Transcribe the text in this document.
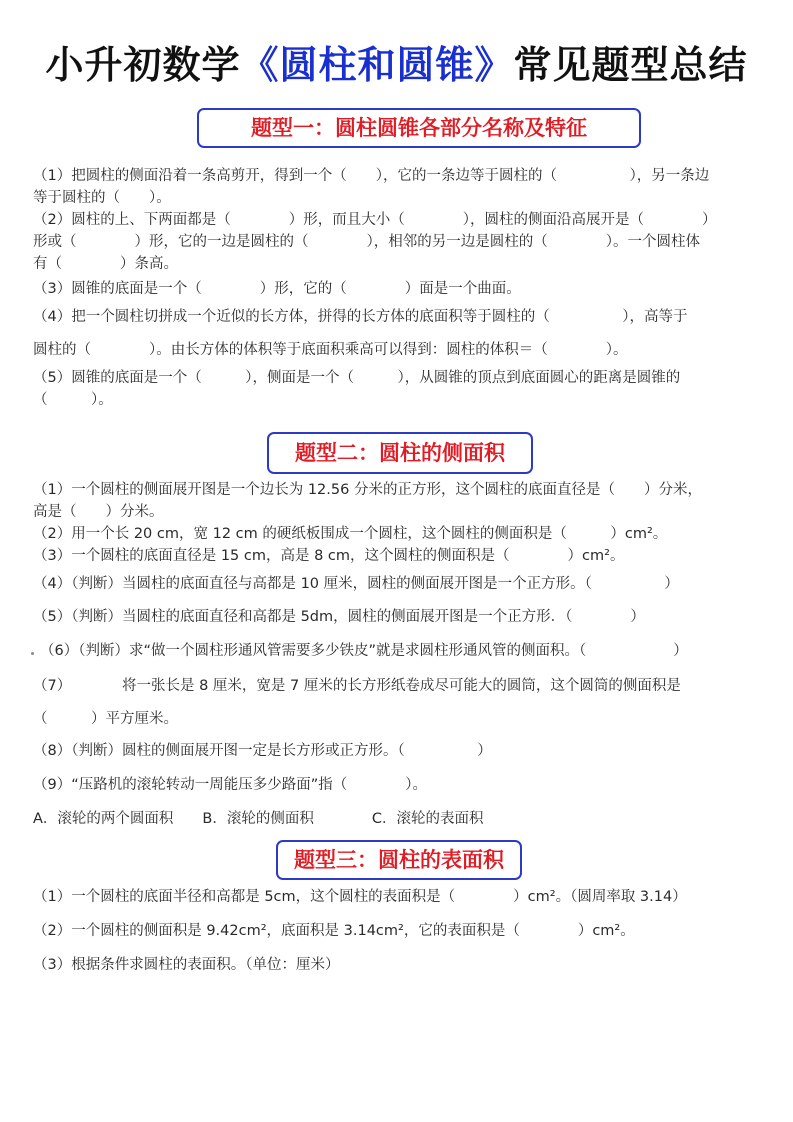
小升初数学《圆柱和圆锥》常见题型总结
题型一：圆柱圆锥各部分名称及特征
（1）把圆柱的侧面沿着一条高剪开，得到一个（　　），它的一条边等于圆柱的（　　　　　），另一条边
等于圆柱的（　　）。
（2）圆柱的上、下两面都是（　　　　）形，而且大小（　　　　），圆柱的侧面沿高展开是（　　　　）
形或（　　　　）形，它的一边是圆柱的（　　　　），相邻的另一边是圆柱的（　　　　）。一个圆柱体
有（　　　　）条高。
（3）圆锥的底面是一个（　　　　）形，它的（　　　　）面是一个曲面。
（4）把一个圆柱切拼成一个近似的长方体，拼得的长方体的底面积等于圆柱的（　　　　　），高等于
圆柱的（　　　　）。由长方体的体积等于底面积乘高可以得到：圆柱的体积＝（　　　　）。
（5）圆锥的底面是一个（　　　），侧面是一个（　　　），从圆锥的顶点到底面圆心的距离是圆锥的
（　　　）。
题型二：圆柱的侧面积
（1）一个圆柱的侧面展开图是一个边长为 12.56 分米的正方形，这个圆柱的底面直径是（　　）分米，
高是（　　）分米。
（2）用一个长 20 cm，宽 12 cm 的硬纸板围成一个圆柱，这个圆柱的侧面积是（　　　）cm²。
（3）一个圆柱的底面直径是 15 cm，高是 8 cm，这个圆柱的侧面积是（　　　　）cm²。
（4）（判断）当圆柱的底面直径与高都是 10 厘米，圆柱的侧面展开图是一个正方形。（　　　　　）
（5）（判断）当圆柱的底面直径和高都是 5dm，圆柱的侧面展开图是一个正方形．（　　　　）
（6）（判断）求“做一个圆柱形通风管需要多少铁皮”就是求圆柱形通风管的侧面积。（　　　　　　）
（7）　　　　将一张长是 8 厘米，宽是 7 厘米的长方形纸卷成尽可能大的圆筒，这个圆筒的侧面积是
（　　　）平方厘米。
（8）（判断）圆柱的侧面展开图一定是长方形或正方形。（　　　　　）
（9）“压路机的滚轮转动一周能压多少路面”指（　　　　）。
A．滚轮的两个圆面积　　B．滚轮的侧面积　　　　C．滚轮的表面积
题型三：圆柱的表面积
（1）一个圆柱的底面半径和高都是 5cm，这个圆柱的表面积是（　　　　）cm²。（圆周率取 3.14）
（2）一个圆柱的侧面积是 9.42cm²，底面积是 3.14cm²，它的表面积是（　　　　）cm²。
（3）根据条件求圆柱的表面积。（单位：厘米）
